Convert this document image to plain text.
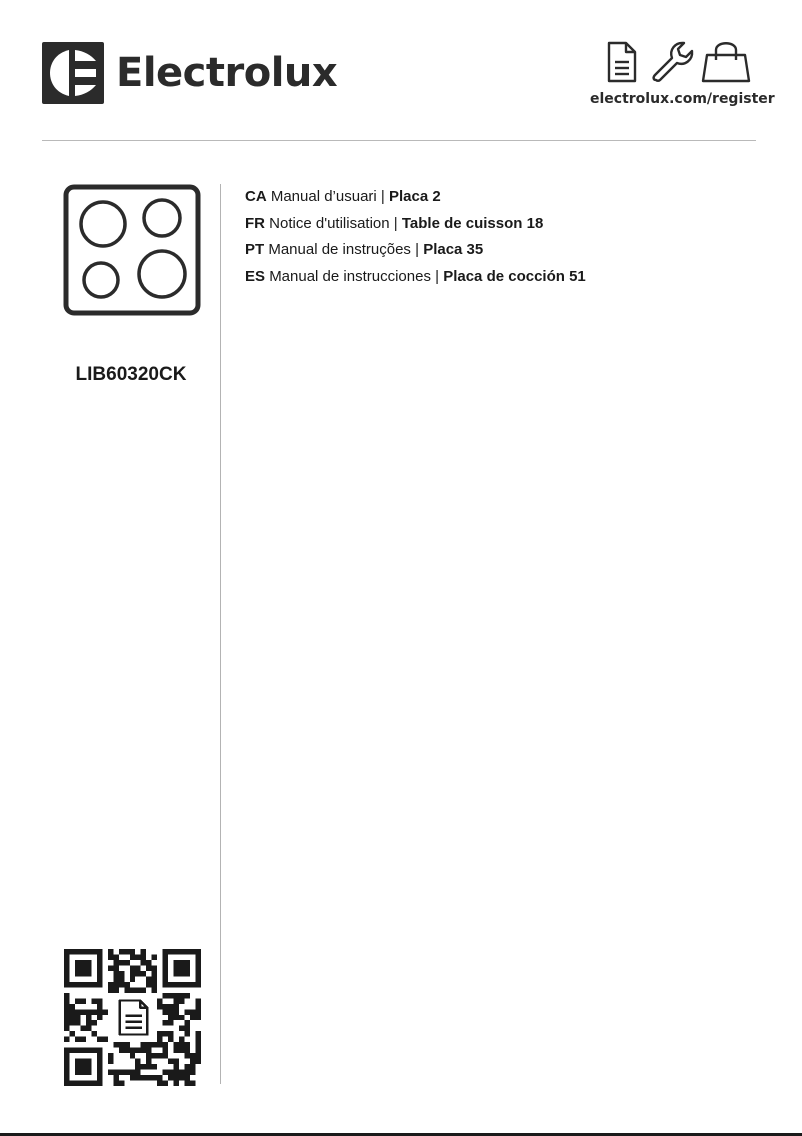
Electrolux
electrolux.com/register
LIB60320CK
CA Manual d’usuari | Placa 2
FR Notice d'utilisation | Table de cuisson 18
PT Manual de instruções | Placa 35
ES Manual de instrucciones | Placa de cocción 51
